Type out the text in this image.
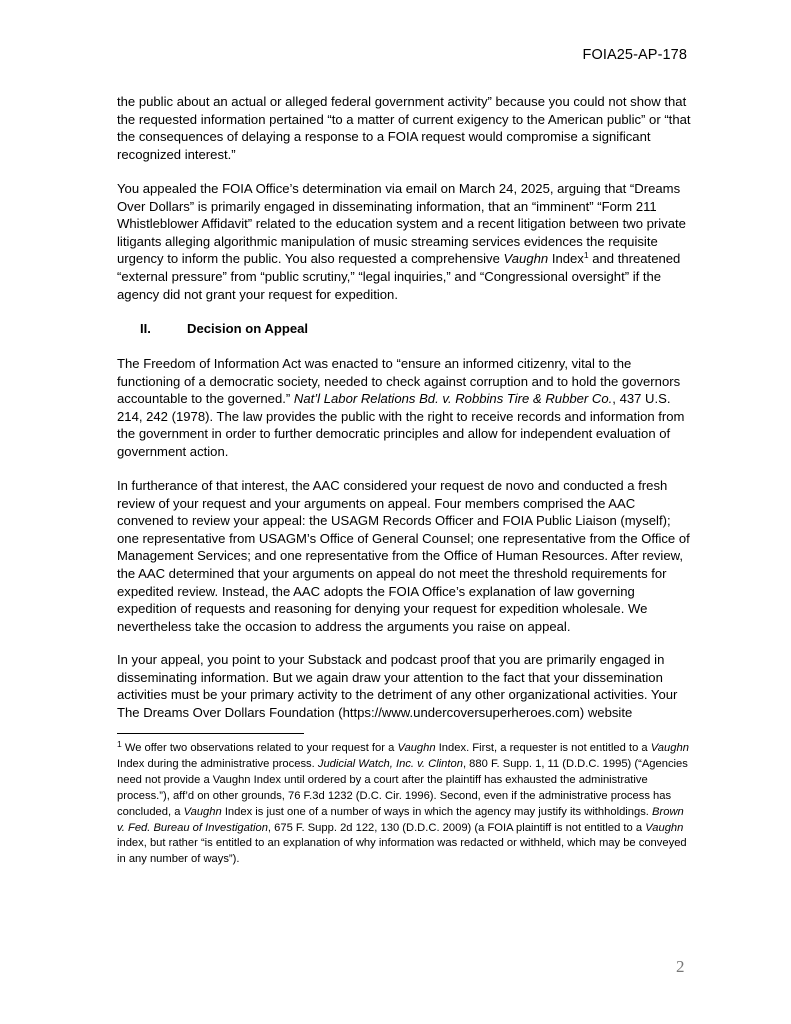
FOIA25-AP-178

the public about an actual or alleged federal government activity” because you could not show that the requested information pertained “to a matter of current exigency to the American public” or “that the consequences of delaying a response to a FOIA request would compromise a significant recognized interest.”

You appealed the FOIA Office’s determination via email on March 24, 2025, arguing that “Dreams Over Dollars” is primarily engaged in disseminating information, that an “imminent” “Form 211 Whistleblower Affidavit” related to the education system and a recent litigation between two private litigants alleging algorithmic manipulation of music streaming services evidences the requisite urgency to inform the public. You also requested a comprehensive Vaughn Index$^1$ and threatened “external pressure” from “public scrutiny,” “legal inquiries,” and “Congressional oversight” if the agency did not grant your request for expedition.

II.	Decision on Appeal

The Freedom of Information Act was enacted to “ensure an informed citizenry, vital to the functioning of a democratic society, needed to check against corruption and to hold the governors accountable to the governed.” Nat’l Labor Relations Bd. v. Robbins Tire & Rubber Co., 437 U.S. 214, 242 (1978). The law provides the public with the right to receive records and information from the government in order to further democratic principles and allow for independent evaluation of government action.

In furtherance of that interest, the AAC considered your request de novo and conducted a fresh review of your request and your arguments on appeal. Four members comprised the AAC convened to review your appeal: the USAGM Records Officer and FOIA Public Liaison (myself); one representative from USAGM’s Office of General Counsel; one representative from the Office of Management Services; and one representative from the Office of Human Resources. After review, the AAC determined that your arguments on appeal do not meet the threshold requirements for expedited review. Instead, the AAC adopts the FOIA Office’s explanation of law governing expedition of requests and reasoning for denying your request for expedition wholesale. We nevertheless take the occasion to address the arguments you raise on appeal.

In your appeal, you point to your Substack and podcast proof that you are primarily engaged in disseminating information. But we again draw your attention to the fact that your dissemination activities must be your primary activity to the detriment of any other organizational activities. Your The Dreams Over Dollars Foundation (https://www.undercoversuperheroes.com) website

$^1$ We offer two observations related to your request for a Vaughn Index. First, a requester is not entitled to a Vaughn Index during the administrative process. Judicial Watch, Inc. v. Clinton, 880 F. Supp. 1, 11 (D.D.C. 1995) (“Agencies need not provide a Vaughn Index until ordered by a court after the plaintiff has exhausted the administrative process.”), aff’d on other grounds, 76 F.3d 1232 (D.C. Cir. 1996). Second, even if the administrative process has concluded, a Vaughn Index is just one of a number of ways in which the agency may justify its withholdings. Brown v. Fed. Bureau of Investigation, 675 F. Supp. 2d 122, 130 (D.D.C. 2009) (a FOIA plaintiff is not entitled to a Vaughn index, but rather “is entitled to an explanation of why information was redacted or withheld, which may be conveyed in any number of ways”).

2
